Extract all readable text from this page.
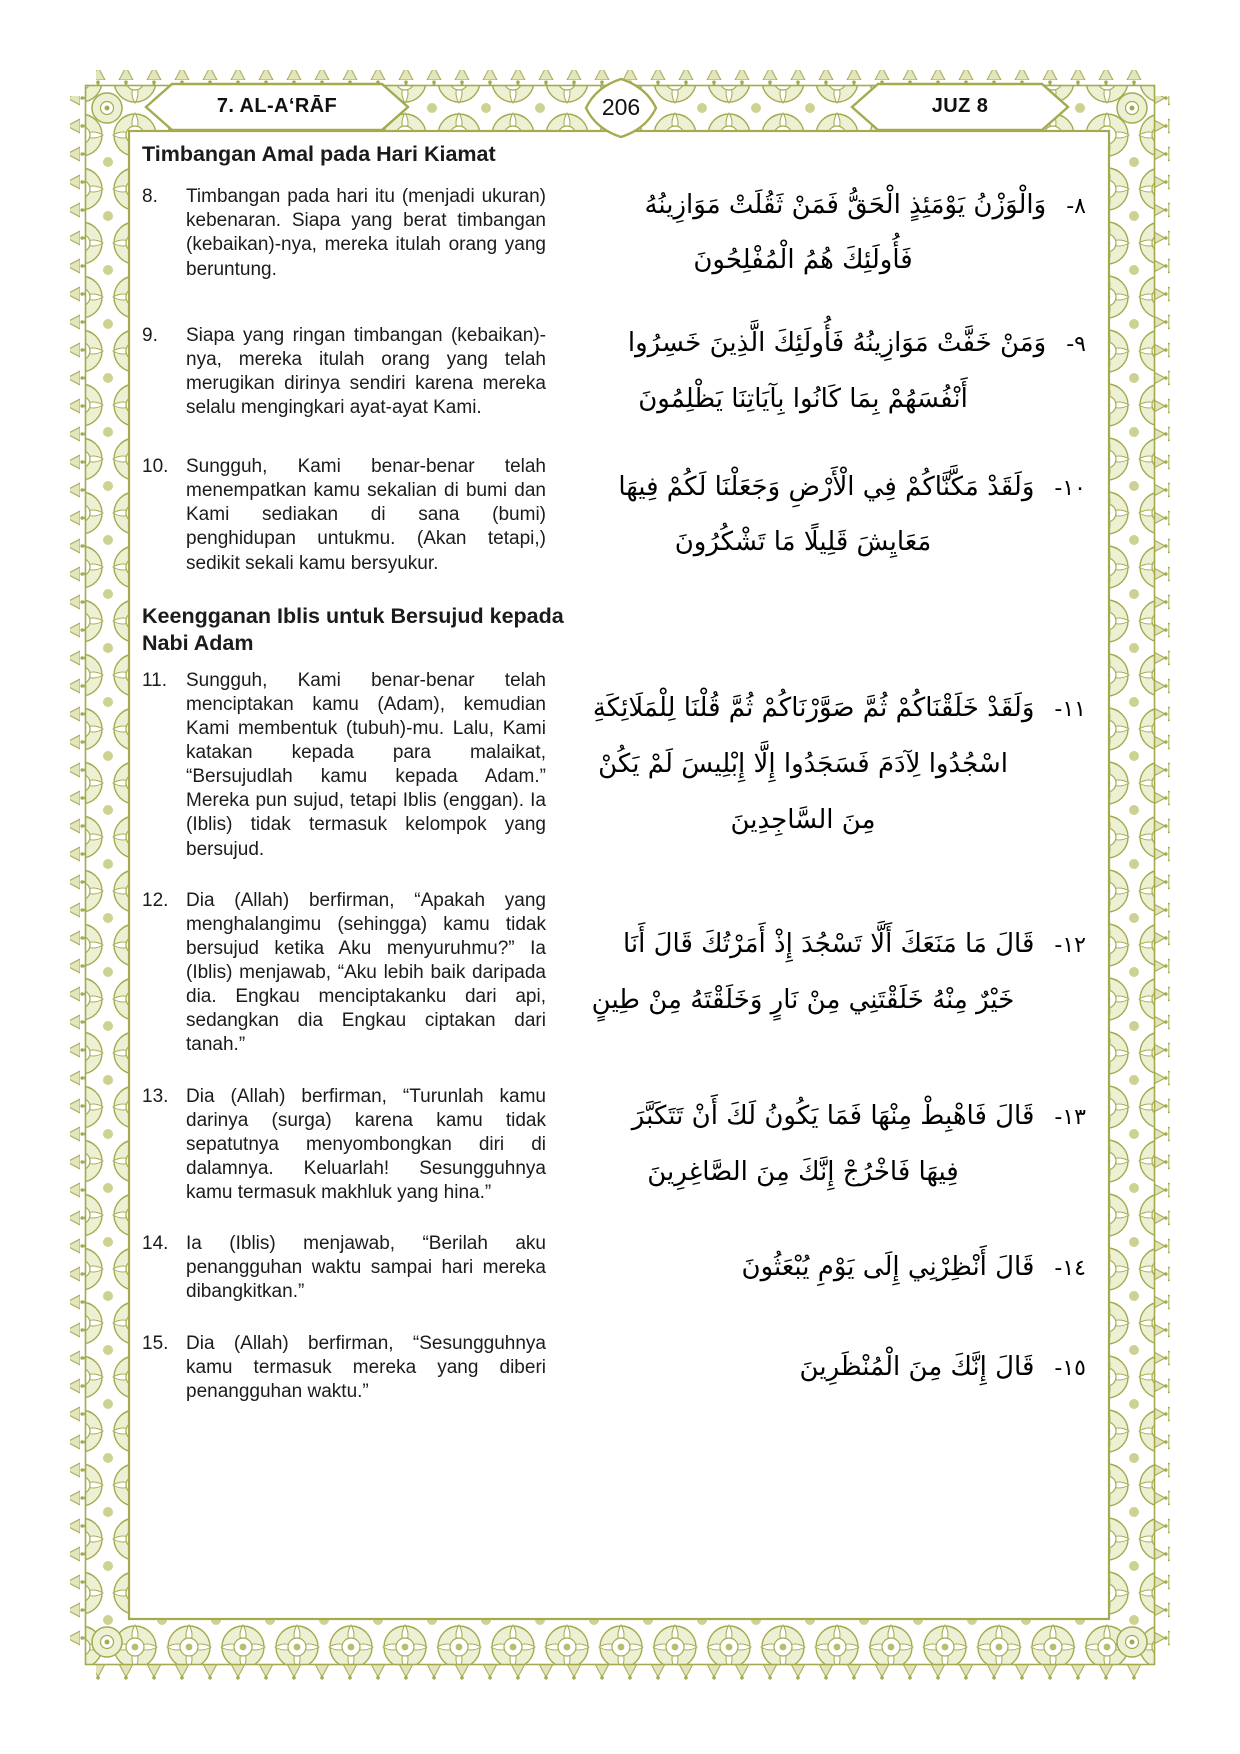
7. AL-A‘RĀF	206	JUZ 8
Timbangan Amal pada Hari Kiamat
8.	Timbangan pada hari itu (menjadi ukuran) kebenaran. Siapa yang berat timbangan (kebaikan)-nya, mereka itulah orang yang beruntung.

٨-
وَالْوَزْنُ يَوْمَئِذٍ الْحَقُّ فَمَنْ ثَقُلَتْ مَوَازِينُهُ
فَأُولَئِكَ هُمُ الْمُفْلِحُونَ
9.	Siapa yang ringan timbangan (kebaikan)-nya, mereka itulah orang yang telah merugikan dirinya sendiri karena mereka selalu mengingkari ayat-ayat Kami.

٩-
وَمَنْ خَفَّتْ مَوَازِينُهُ فَأُولَئِكَ الَّذِينَ خَسِرُوا
أَنْفُسَهُمْ بِمَا كَانُوا بِآيَاتِنَا يَظْلِمُونَ
10. Sungguh, Kami benar-benar telah menempatkan kamu sekalian di bumi dan Kami sediakan di sana (bumi) penghidupan untukmu. (Akan tetapi,) sedikit sekali kamu bersyukur.

١٠-
وَلَقَدْ مَكَّنَّاكُمْ فِي الْأَرْضِ وَجَعَلْنَا لَكُمْ فِيهَا
مَعَايِشَ قَلِيلًا مَا تَشْكُرُونَ
Keengganan Iblis untuk Bersujud kepada Nabi Adam
11. Sungguh, Kami benar-benar telah menciptakan kamu (Adam), kemudian Kami membentuk (tubuh)-mu. Lalu, Kami katakan kepada para malaikat, “Bersujudlah kamu kepada Adam.” Mereka pun sujud, tetapi Iblis (enggan). Ia (Iblis) tidak termasuk kelompok yang bersujud.

١١-
وَلَقَدْ خَلَقْنَاكُمْ ثُمَّ صَوَّرْنَاكُمْ ثُمَّ قُلْنَا لِلْمَلَائِكَةِ
اسْجُدُوا لِآدَمَ فَسَجَدُوا إِلَّا إِبْلِيسَ لَمْ يَكُنْ
مِنَ السَّاجِدِينَ
12. Dia (Allah) berfirman, “Apakah yang menghalangimu (sehingga) kamu tidak bersujud ketika Aku menyuruhmu?” Ia (Iblis) menjawab, “Aku lebih baik daripada dia. Engkau menciptakanku dari api, sedangkan dia Engkau ciptakan dari tanah.”

١٢-
قَالَ مَا مَنَعَكَ أَلَّا تَسْجُدَ إِذْ أَمَرْتُكَ قَالَ أَنَا
خَيْرٌ مِنْهُ خَلَقْتَنِي مِنْ نَارٍ وَخَلَقْتَهُ مِنْ طِينٍ
13. Dia (Allah) berfirman, “Turunlah kamu darinya (surga) karena kamu tidak sepatutnya menyombongkan diri di dalamnya. Keluarlah! Sesungguhnya kamu termasuk makhluk yang hina.”

١٣-
قَالَ فَاهْبِطْ مِنْهَا فَمَا يَكُونُ لَكَ أَنْ تَتَكَبَّرَ
فِيهَا فَاخْرُجْ إِنَّكَ مِنَ الصَّاغِرِينَ
14. Ia (Iblis) menjawab, “Berilah aku penangguhan waktu sampai hari mereka dibangkitkan.”

١٤-
قَالَ أَنْظِرْنِي إِلَى يَوْمِ يُبْعَثُونَ
15. Dia (Allah) berfirman, “Sesungguhnya kamu termasuk mereka yang diberi penangguhan waktu.”

١٥-
قَالَ إِنَّكَ مِنَ الْمُنْظَرِينَ
